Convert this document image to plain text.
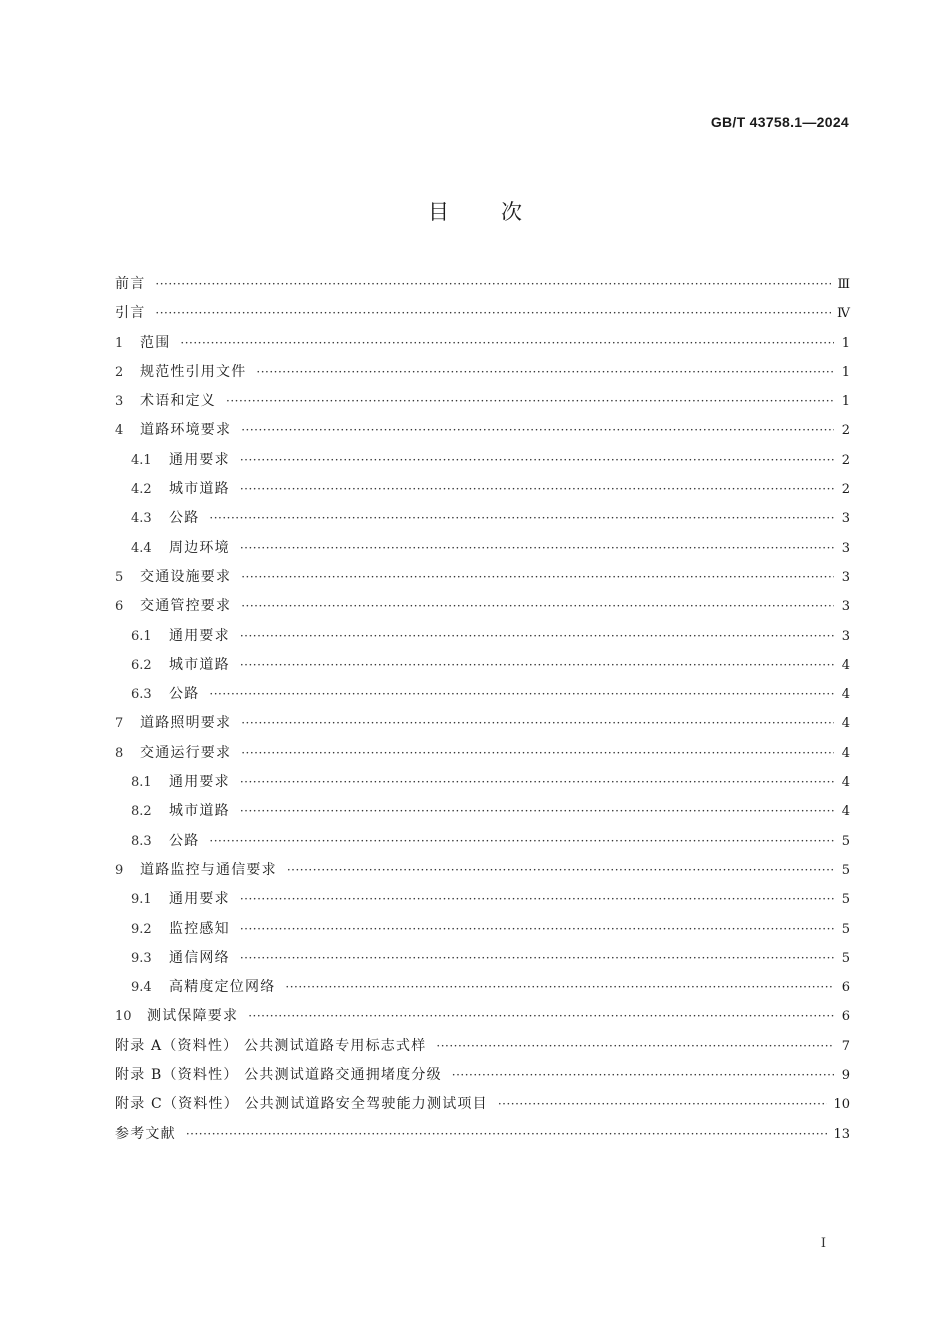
GB/T 43758.1—2024
目次
前言 ·····	Ⅲ
引言 ·····	Ⅳ
1	范围 ·····	1
2	规范性引用文件 ·····	1
3	术语和定义 ·····	1
4	道路环境要求 ·····	2
4.1	通用要求 ·····	2
4.2	城市道路 ·····	2
4.3	公路 ·····	3
4.4	周边环境 ·····	3
5	交通设施要求 ·····	3
6	交通管控要求 ·····	3
6.1	通用要求 ·····	3
6.2	城市道路 ·····	4
6.3	公路 ·····	4
7	道路照明要求 ·····	4
8	交通运行要求 ·····	4
8.1	通用要求 ·····	4
8.2	城市道路 ·····	4
8.3	公路 ·····	5
9	道路监控与通信要求 ·····	5
9.1	通用要求 ·····	5
9.2	监控感知 ·····	5
9.3	通信网络 ·····	5
9.4	高精度定位网络 ·····	6
10	测试保障要求 ·····	6
附录 A（资料性） 公共测试道路专用标志式样 ·····	7
附录 B（资料性） 公共测试道路交通拥堵度分级 ·····	9
附录 C（资料性） 公共测试道路安全驾驶能力测试项目 ·····	10
参考文献 ·····	13
Ⅰ
